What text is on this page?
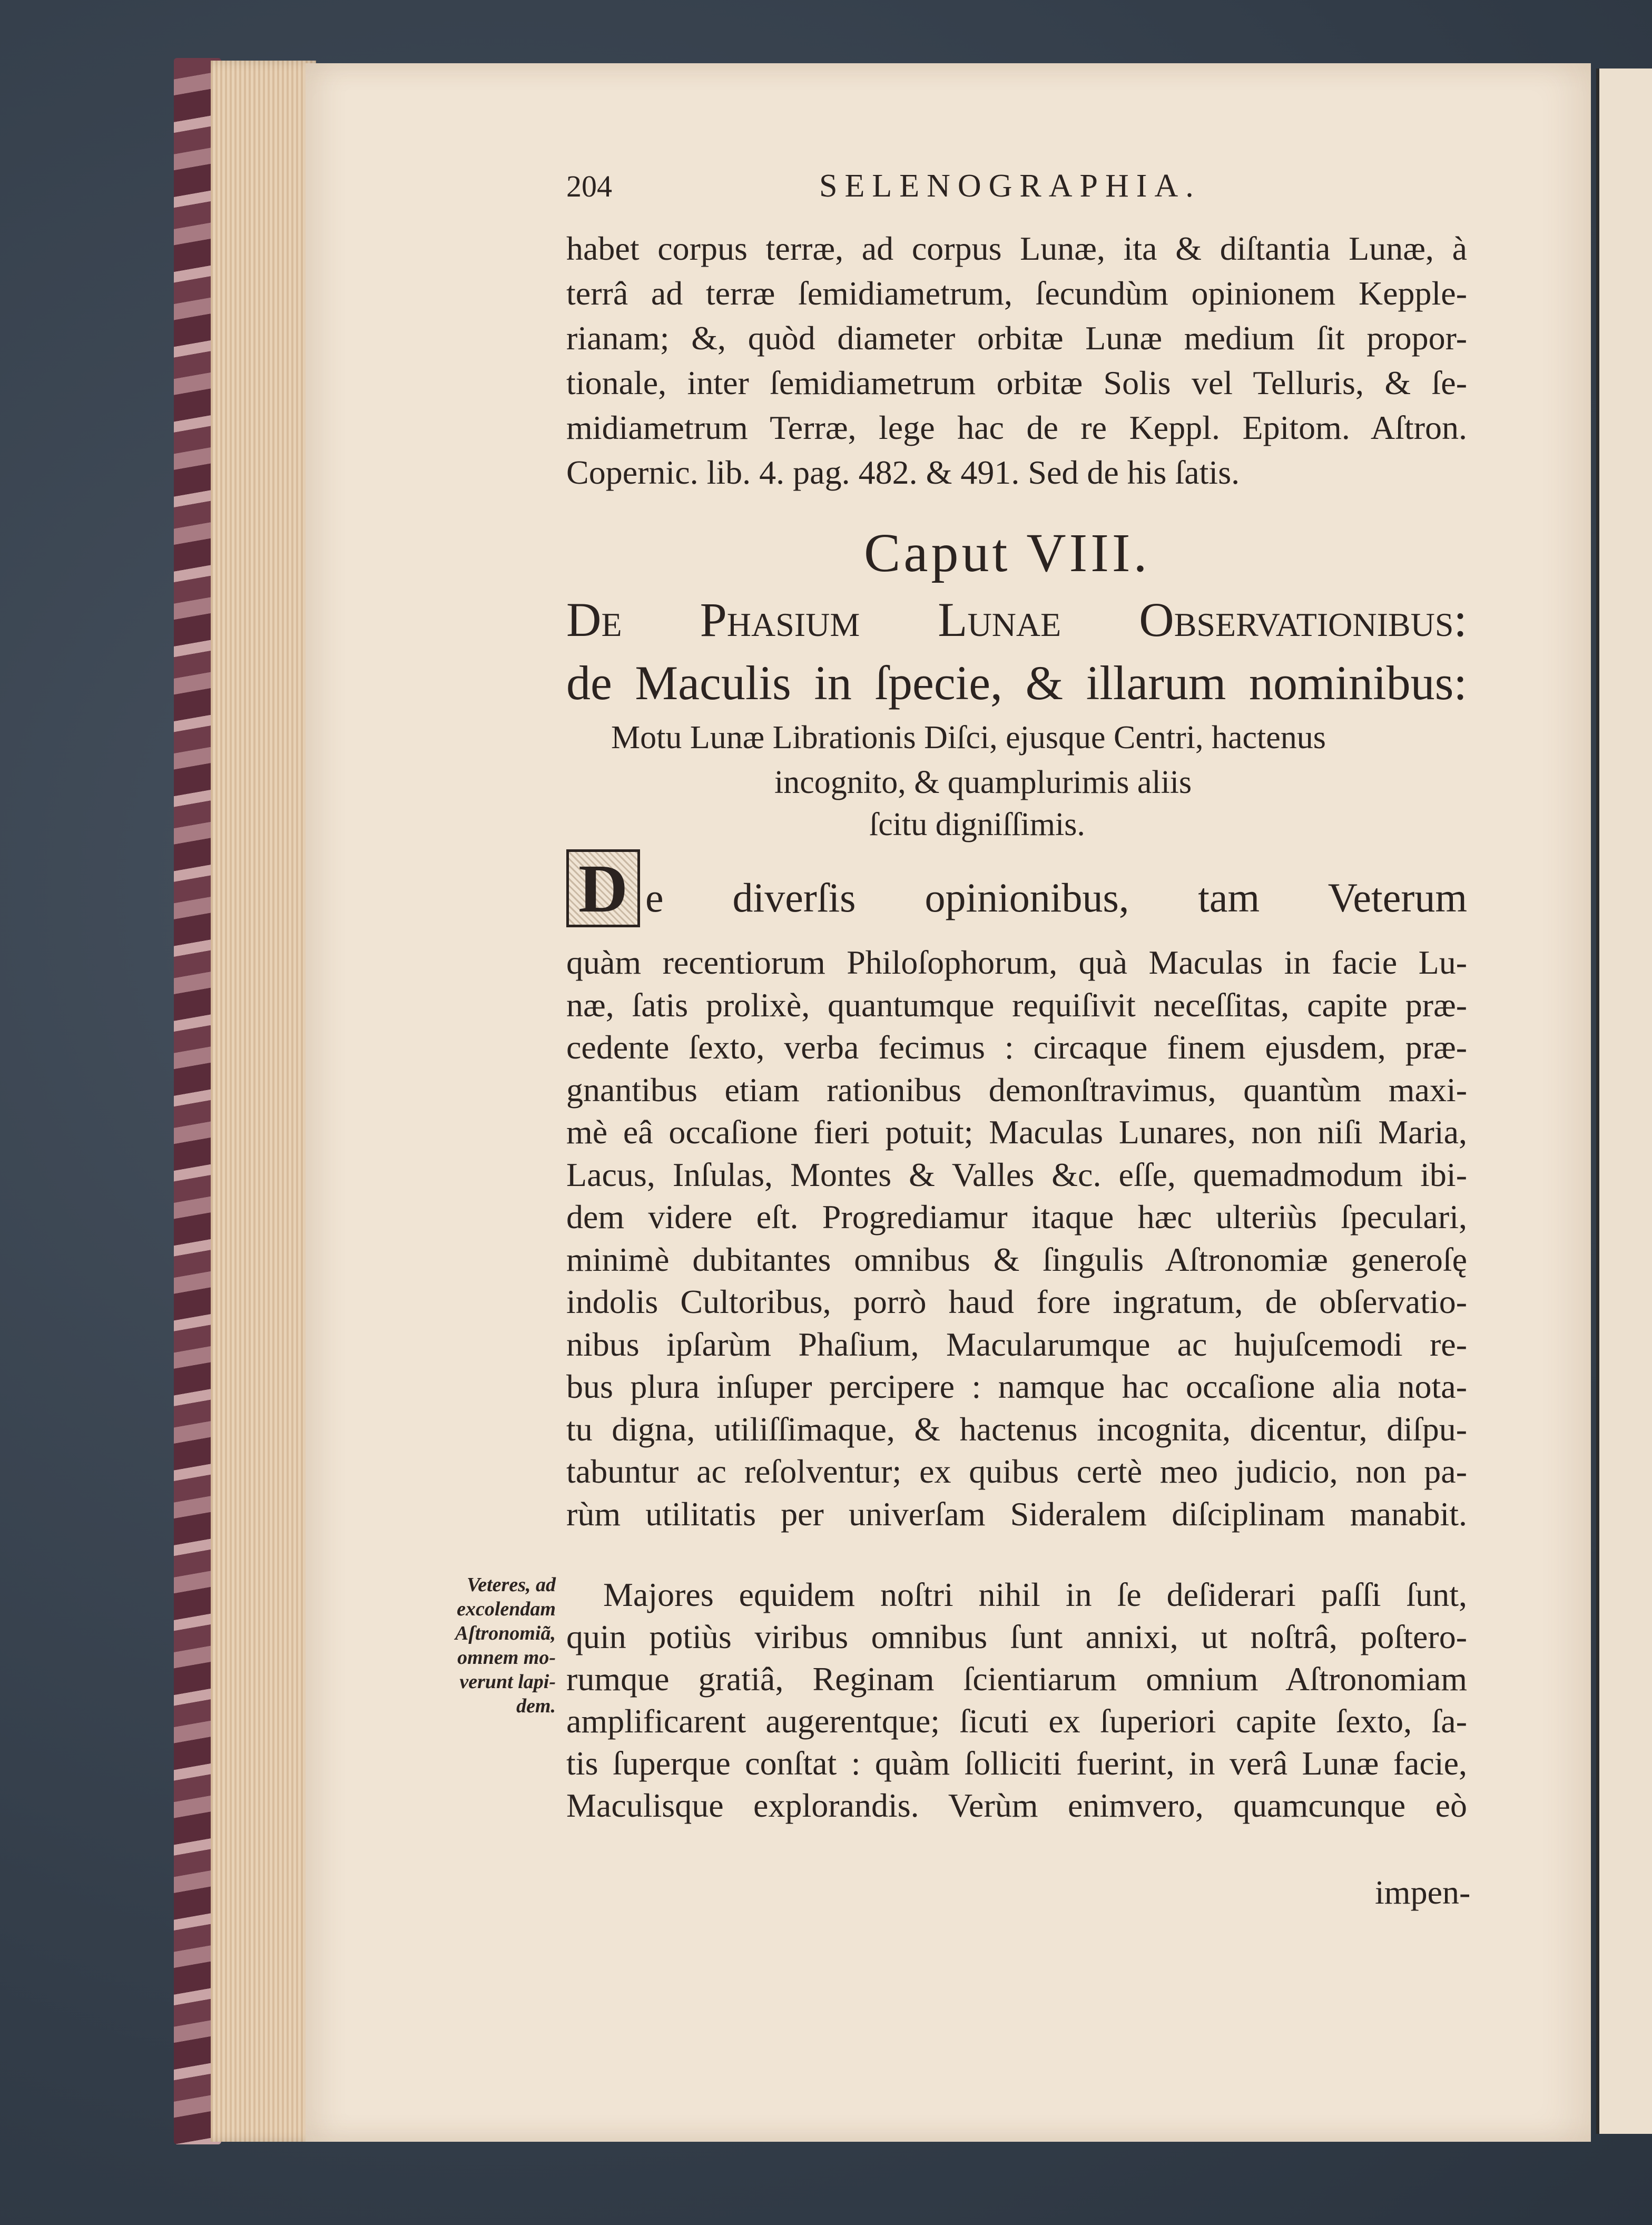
204	SELENOGRAPHIA.
habet corpus terræ, ad corpus Lunæ, ita & diſtantia Lunæ, à
terrâ ad terræ ſemidiametrum, ſecundùm opinionem Kepple-
rianam; &, quòd diameter orbitæ Lunæ medium ſit propor-
tionale, inter ſemidiametrum orbitæ Solis vel Telluris, & ſe-
midiametrum Terræ, lege hac de re Keppl. Epitom. Aſtron.
Copernic. lib. 4. pag. 482. & 491. Sed de his ſatis.
Caput VIII.
De Phasium Lunae Observationibus:
de Maculis in ſpecie, & illarum nominibus:
Motu Lunæ Librationis Diſci, ejusque Centri, hactenus
incognito, & quamplurimis aliis
ſcitu digniſſimis.
D e diverſis opinionibus, tam Veterum
quàm recentiorum Philoſophorum, quà Maculas in facie Lu-
næ, ſatis prolixè, quantumque requiſivit neceſſitas, capite præ-
cedente ſexto, verba fecimus : circaque finem ejusdem, præ-
gnantibus etiam rationibus demonſtravimus, quantùm maxi-
mè eâ occaſione fieri potuit; Maculas Lunares, non niſi Maria,
Lacus, Inſulas, Montes & Valles &c. eſſe, quemadmodum ibi-
dem videre eſt. Progrediamur itaque hæc ulteriùs ſpeculari,
minimè dubitantes omnibus & ſingulis Aſtronomiæ generoſę
indolis Cultoribus, porrò haud fore ingratum, de obſervatio-
nibus ipſarùm Phaſium, Macularumque ac hujuſcemodi re-
bus plura inſuper percipere : namque hac occaſione alia nota-
tu digna, utiliſſimaque, & hactenus incognita, dicentur, diſpu-
tabuntur ac reſolventur; ex quibus certè meo judicio, non pa-
rùm utilitatis per univerſam Sideralem diſciplinam manabit.
Majores equidem noſtri nihil in ſe deſiderari paſſi ſunt,
quin potiùs viribus omnibus ſunt annixi, ut noſtrâ, poſtero-
rumque gratiâ, Reginam ſcientiarum omnium Aſtronomiam
amplificarent augerentque; ſicuti ex ſuperiori capite ſexto, ſa-
tis ſuperque conſtat : quàm ſolliciti fuerint, in verâ Lunæ facie,
Maculisque explorandis. Verùm enimvero, quamcunque eò
impen-
Veteres, ad
excolendam
Aſtronomiã,
omnem mo-
verunt lapi-
dem.
